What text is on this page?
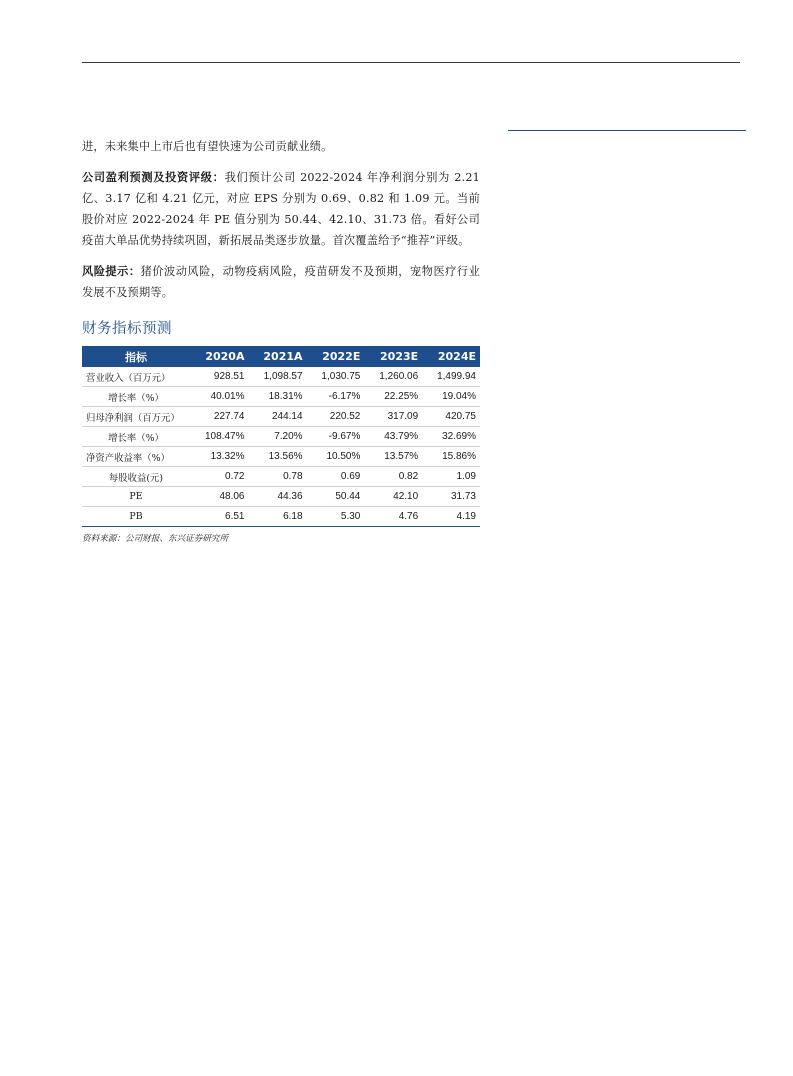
进，未来集中上市后也有望快速为公司贡献业绩。

公司盈利预测及投资评级：我们预计公司 2022-2024 年净利润分别为 2.21 亿、3.17 亿和 4.21 亿元，对应 EPS 分别为 0.69、0.82 和 1.09 元。当前股价对应 2022-2024 年 PE 值分别为 50.44、42.10、31.73 倍。看好公司疫苗大单品优势持续巩固，新拓展品类逐步放量。首次覆盖给予“推荐”评级。

风险提示：猪价波动风险，动物疫病风险，疫苗研发不及预期，宠物医疗行业发展不及预期等。

财务指标预测
指标	2020A	2021A	2022E	2023E	2024E
营业收入（百万元）	928.51	1,098.57	1,030.75	1,260.06	1,499.94
增长率（%）	40.01%	18.31%	-6.17%	22.25%	19.04%
归母净利润（百万元）	227.74	244.14	220.52	317.09	420.75
增长率（%）	108.47%	7.20%	-9.67%	43.79%	32.69%
净资产收益率（%）	13.32%	13.56%	10.50%	13.57%	15.86%
每股收益(元)	0.72	0.78	0.69	0.82	1.09
PE	48.06	44.36	50.44	42.10	31.73
PB	6.51	6.18	5.30	4.76	4.19
资料来源：公司财报、东兴证券研究所
